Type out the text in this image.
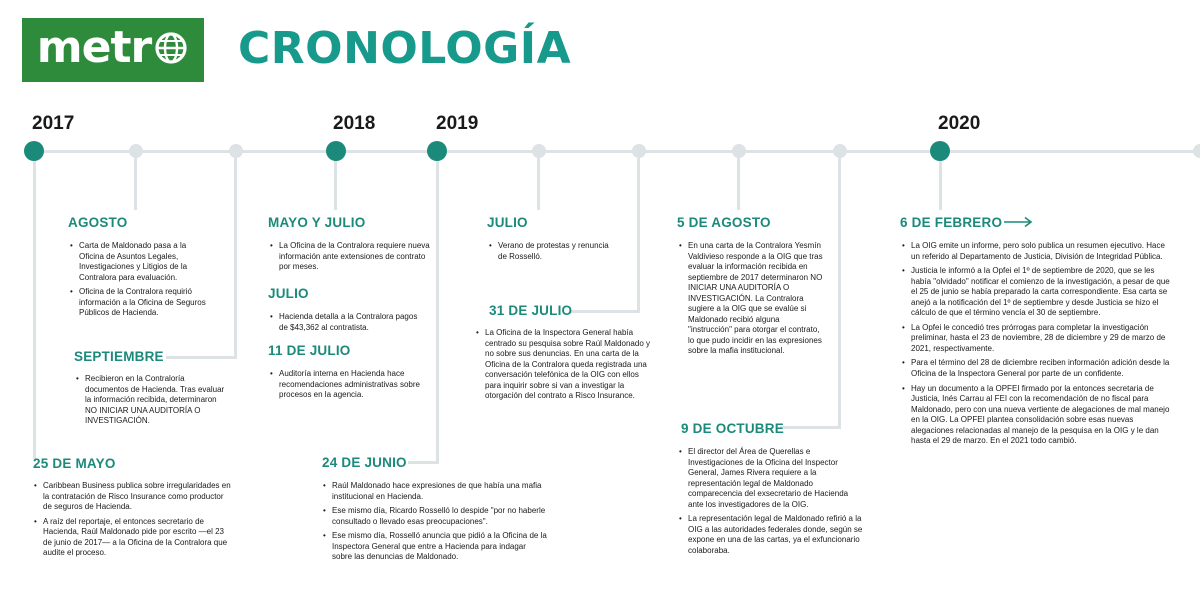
metr CRONOLOGÍA
2017	2018	2019	2020
AGOSTO
• Carta de Maldonado pasa a la Oficina de Asuntos Legales, Investigaciones y Litigios de la Contralora para evaluación.
• Oficina de la Contralora requirió información a la Oficina de Seguros Públicos de Hacienda.
SEPTIEMBRE
• Recibieron en la Contraloría documentos de Hacienda. Tras evaluar la información recibida, determinaron NO INICIAR UNA AUDITORÍA O INVESTIGACIÓN.
25 DE MAYO
• Caribbean Business publica sobre irregularidades en la contratación de Risco Insurance como productor de seguros de Hacienda.
• A raíz del reportaje, el entonces secretario de Hacienda, Raúl Maldonado pide por escrito —el 23 de junio de 2017— a la Oficina de la Contralora que audite el proceso.
MAYO Y JULIO
• La Oficina de la Contralora requiere nueva información ante extensiones de contrato por meses.
JULIO
• Hacienda detalla a la Contralora pagos de $43,362 al contratista.
11 DE JULIO
• Auditoría interna en Hacienda hace recomendaciones administrativas sobre procesos en la agencia.
24 DE JUNIO
• Raúl Maldonado hace expresiones de que había una mafia institucional en Hacienda.
• Ese mismo día, Ricardo Rosselló lo despide "por no haberle consultado o llevado esas preocupaciones".
• Ese mismo día, Rosselló anuncia que pidió a la Oficina de la Inspectora General que entre a Hacienda para indagar sobre las denuncias de Maldonado.
JULIO
• Verano de protestas y renuncia de Rosselló.
31 DE JULIO
• La Oficina de la Inspectora General había centrado su pesquisa sobre Raúl Maldonado y no sobre sus denuncias. En una carta de la Oficina de la Contralora queda registrada una conversación telefónica de la OIG con ellos para inquirir sobre si van a investigar la otorgación del contrato a Risco Insurance.
5 DE AGOSTO
• En una carta de la Contralora Yesmín Valdivieso responde a la OIG que tras evaluar la información recibida en septiembre de 2017 determinaron NO INICIAR UNA AUDITORÍA O INVESTIGACIÓN. La Contralora sugiere a la OIG que se evalúe si Maldonado recibió alguna "instrucción" para otorgar el contrato, lo que pudo incidir en las expresiones sobre la mafia institucional.
9 DE OCTUBRE
• El director del Área de Querellas e Investigaciones de la Oficina del Inspector General, James Rivera requiere a la representación legal de Maldonado comparecencia del exsecretario de Hacienda ante los investigadores de la OIG.
• La representación legal de Maldonado refirió a la OIG a las autoridades federales donde, según se expone en una de las cartas, ya el exfuncionario colaboraba.
6 DE FEBRERO
• La OIG emite un informe, pero solo publica un resumen ejecutivo. Hace un referido al Departamento de Justicia, División de Integridad Pública.
• Justicia le informó a la Opfei el 1º de septiembre de 2020, que se les había "olvidado" notificar el comienzo de la investigación, a pesar de que el 25 de junio se había preparado la carta correspondiente. Esa carta se anejó a la notificación del 1º de septiembre y desde Justicia se hizo el cálculo de que el término vencía el 30 de septiembre.
• La Opfei le concedió tres prórrogas para completar la investigación preliminar, hasta el 23 de noviembre, 28 de diciembre y 29 de marzo de 2021, respectivamente.
• Para el término del 28 de diciembre reciben información adición desde la Oficina de la Inspectora General por parte de un confidente.
• Hay un documento a la OPFEI firmado por la entonces secretaria de Justicia, Inés Carrau al FEI con la recomendación de no fiscal para Maldonado, pero con una nueva vertiente de alegaciones de mal manejo en la OIG. La OPFEI plantea consolidación sobre esas nuevas alegaciones relacionadas al manejo de la pesquisa en la OIG y le dan hasta el 29 de marzo. En el 2021 todo cambió.
